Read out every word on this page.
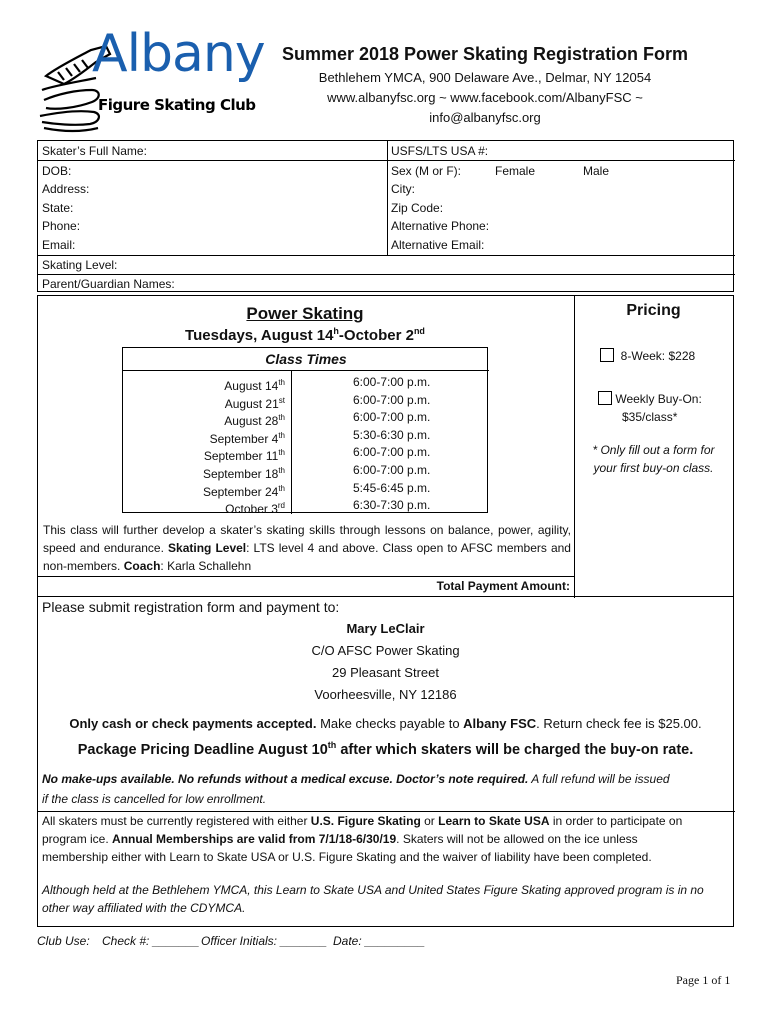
Albany
Figure Skating Club
Summer 2018 Power Skating Registration Form
Bethlehem YMCA, 900 Delaware Ave., Delmar, NY 12054
www.albanyfsc.org ~ www.facebook.com/AlbanyFSC ~
info@albanyfsc.org
Skater’s Full Name:	USFS/LTS USA #:
DOB:	Sex (M or F):	Female	Male
Address:	City:
State:	Zip Code:
Phone:	Alternative Phone:
Email:	Alternative Email:
Skating Level:
Parent/Guardian Names:
Total Payment Amount:
Power Skating
Tuesdays, August 14$^h$-October 2nd
Class Times
August 14th	6:00-7:00 p.m.
August 21st	6:00-7:00 p.m.
August 28th	6:00-7:00 p.m.
September 4th	5:30-6:30 p.m.
September 11th	6:00-7:00 p.m.
September 18th	6:00-7:00 p.m.
September 24th	5:45-6:45 p.m.
October 3rd	6:30-7:30 p.m.
This class will further develop a skater’s skating skills through lessons on balance, power, agility, speed and endurance. Skating Level: LTS level 4 and above. Class open to AFSC members and non-members. Coach: Karla Schallehn
Pricing
8-Week: $228
Weekly Buy-On:
$35/class*
* Only fill out a form for
your first buy-on class.
Please submit registration form and payment to:
Mary LeClair
C/O AFSC Power Skating
29 Pleasant Street
Voorheesville, NY 12186
Only cash or check payments accepted. Make checks payable to Albany FSC. Return check fee is $25.00.
Package Pricing Deadline August 10th after which skaters will be charged the buy-on rate.
No make-ups available. No refunds without a medical excuse. Doctor’s note required. A full refund will be issued
if the class is cancelled for low enrollment.
All skaters must be currently registered with either U.S. Figure Skating or Learn to Skate USA in order to participate on
program ice. Annual Memberships are valid from 7/1/18-6/30/19. Skaters will not be allowed on the ice unless
membership either with Learn to Skate USA or U.S. Figure Skating and the waiver of liability have been completed.
Although held at the Bethlehem YMCA, this Learn to Skate USA and United States Figure Skating approved program is in no
other way affiliated with the CDYMCA.
Club Use: Check #: _______ Officer Initials: _______ Date: _________
Page 1 of 1
